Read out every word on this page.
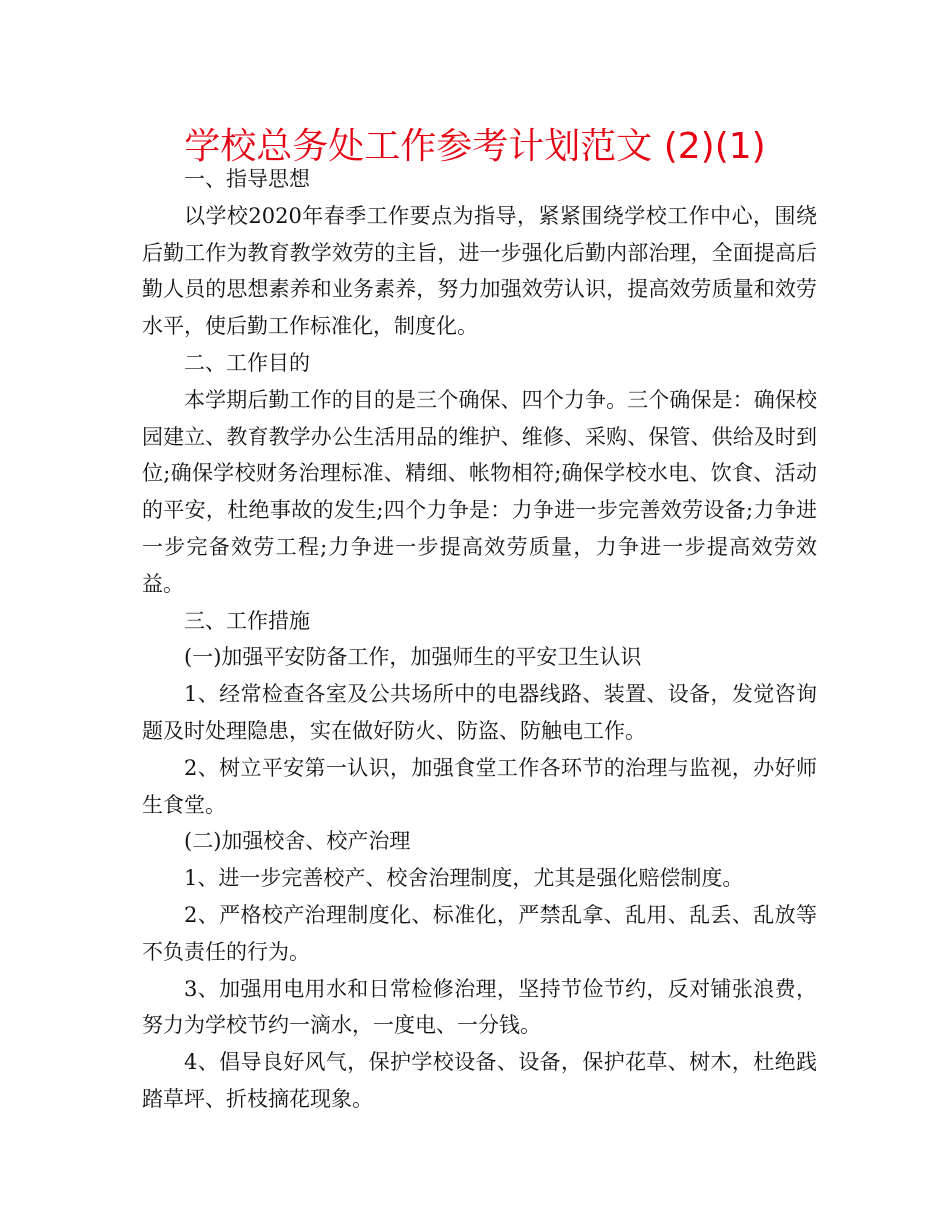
学校总务处工作参考计划范文 (2)(1)

一、指导思想

以学校2020年春季工作要点为指导，紧紧围绕学校工作中心，围绕后勤工作为教育教学效劳的主旨，进一步强化后勤内部治理，全面提高后勤人员的思想素养和业务素养，努力加强效劳认识，提高效劳质量和效劳水平，使后勤工作标准化，制度化。

二、工作目的

本学期后勤工作的目的是三个确保、四个力争。三个确保是：确保校园建立、教育教学办公生活用品的维护、维修、采购、保管、供给及时到位;确保学校财务治理标准、精细、帐物相符;确保学校水电、饮食、活动的平安，杜绝事故的发生;四个力争是：力争进一步完善效劳设备;力争进一步完备效劳工程;力争进一步提高效劳质量，力争进一步提高效劳效益。

三、工作措施

(一)加强平安防备工作，加强师生的平安卫生认识

1、经常检查各室及公共场所中的电器线路、装置、设备，发觉咨询题及时处理隐患，实在做好防火、防盗、防触电工作。

2、树立平安第一认识，加强食堂工作各环节的治理与监视，办好师生食堂。

(二)加强校舍、校产治理

1、进一步完善校产、校舍治理制度，尤其是强化赔偿制度。

2、严格校产治理制度化、标准化，严禁乱拿、乱用、乱丢、乱放等不负责任的行为。

3、加强用电用水和日常检修治理，坚持节俭节约，反对铺张浪费，努力为学校节约一滴水，一度电、一分钱。

4、倡导良好风气，保护学校设备、设备，保护花草、树木，杜绝践踏草坪、折枝摘花现象。
